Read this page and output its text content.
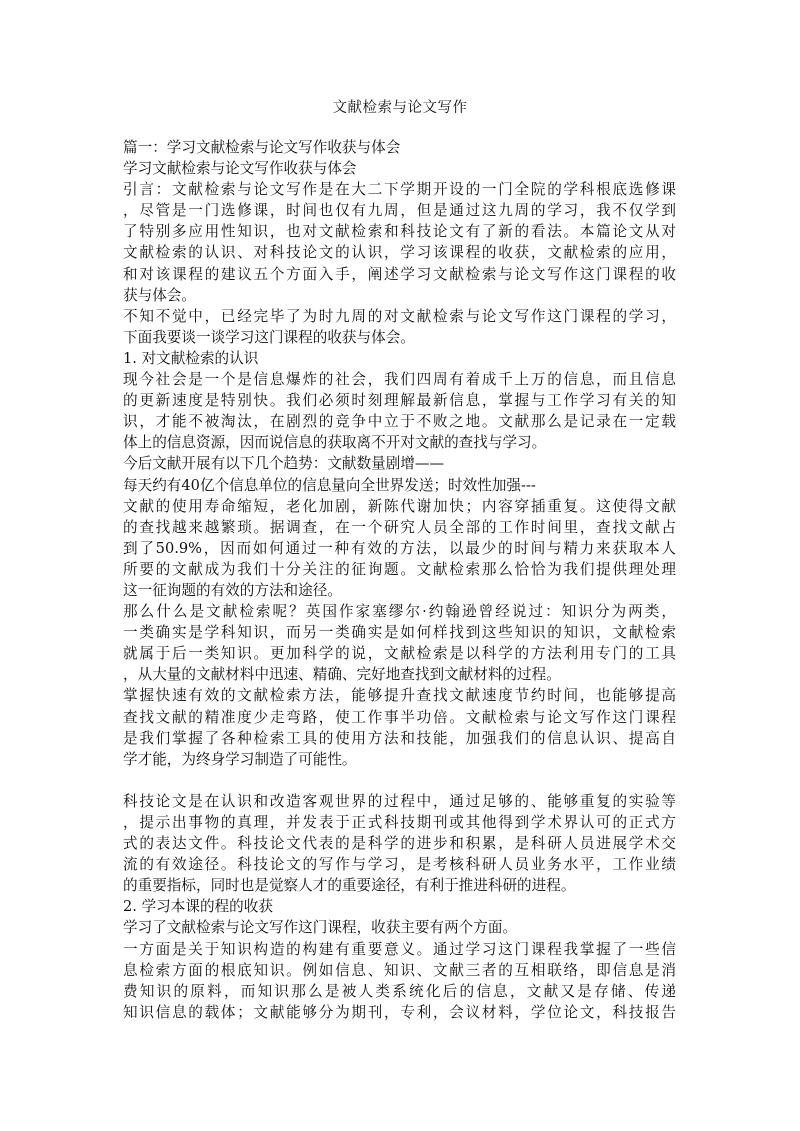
文献检索与论文写作
篇一：学习文献检索与论文写作收获与体会
学习文献检索与论文写作收获与体会
引言：文献检索与论文写作是在大二下学期开设的一门全院的学科根底选修课
，尽管是一门选修课，时间也仅有九周，但是通过这九周的学习，我不仅学到
了特别多应用性知识，也对文献检索和科技论文有了新的看法。本篇论文从对
文献检索的认识、对科技论文的认识，学习该课程的收获，文献检索的应用，
和对该课程的建议五个方面入手，阐述学习文献检索与论文写作这门课程的收
获与体会。
不知不觉中，已经完毕了为时九周的对文献检索与论文写作这门课程的学习，
下面我要谈一谈学习这门课程的收获与体会。
1. 对文献检索的认识
现今社会是一个是信息爆炸的社会，我们四周有着成千上万的信息，而且信息
的更新速度是特别快。我们必须时刻理解最新信息，掌握与工作学习有关的知
识，才能不被淘汰，在剧烈的竞争中立于不败之地。文献那么是记录在一定载
体上的信息资源，因而说信息的获取离不开对文献的查找与学习。
今后文献开展有以下几个趋势：文献数量剧增——
每天约有40亿个信息单位的信息量向全世界发送；时效性加强---
文献的使用寿命缩短，老化加剧，新陈代谢加快；内容穿插重复。这使得文献
的查找越来越繁琐。据调查，在一个研究人员全部的工作时间里，查找文献占
到了50.9%，因而如何通过一种有效的方法，以最少的时间与精力来获取本人
所要的文献成为我们十分关注的征询题。文献检索那么恰恰为我们提供理处理
这一征询题的有效的方法和途径。
那么什么是文献检索呢？英国作家塞缪尔·约翰逊曾经说过：知识分为两类，
一类确实是学科知识，而另一类确实是如何样找到这些知识的知识，文献检索
就属于后一类知识。更加科学的说，文献检索是以科学的方法利用专门的工具
，从大量的文献材料中迅速、精确、完好地查找到文献材料的过程。
掌握快速有效的文献检索方法，能够提升查找文献速度节约时间，也能够提高
查找文献的精准度少走弯路，使工作事半功倍。文献检索与论文写作这门课程
是我们掌握了各种检索工具的使用方法和技能，加强我们的信息认识、提高自
学才能，为终身学习制造了可能性。
科技论文是在认识和改造客观世界的过程中，通过足够的、能够重复的实验等
，提示出事物的真理，并发表于正式科技期刊或其他得到学术界认可的正式方
式的表达文件。科技论文代表的是科学的进步和积累，是科研人员进展学术交
流的有效途径。科技论文的写作与学习，是考核科研人员业务水平，工作业绩
的重要指标，同时也是觉察人才的重要途径，有利于推进科研的进程。
2. 学习本课的程的收获
学习了文献检索与论文写作这门课程，收获主要有两个方面。
一方面是关于知识构造的构建有重要意义。通过学习这门课程我掌握了一些信
息检索方面的根底知识。例如信息、知识、文献三者的互相联络，即信息是消
费知识的原料，而知识那么是被人类系统化后的信息，文献又是存储、传递
知识信息的载体；文献能够分为期刊，专利，会议材料，学位论文，科技报告
